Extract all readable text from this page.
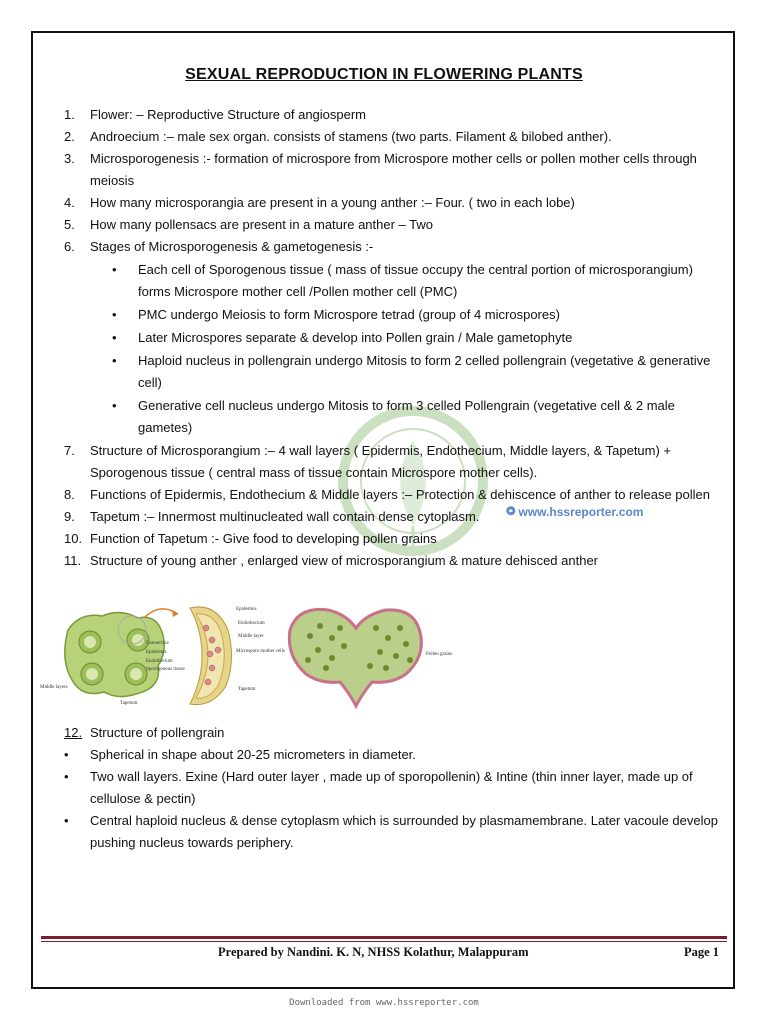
⭗ www.hssreporter.com
SEXUAL REPRODUCTION IN FLOWERING PLANTS
1.	Flower: – Reproductive Structure of angiosperm
2.	Androecium :– male sex organ. consists of stamens (two parts. Filament & bilobed anther).
3.	Microsporogenesis :- formation of microspore from Microspore mother cells or pollen mother cells through meiosis
4.	How many microsporangia are present in a young anther :– Four. ( two in each lobe)
5.	How many pollensacs are present in a mature anther – Two
6.	Stages of Microsporogenesis & gametogenesis :-
•	Each cell of Sporogenous tissue ( mass of tissue occupy the central portion of microsporangium) forms Microspore mother cell /Pollen mother cell (PMC)
•	PMC undergo Meiosis to form Microspore tetrad (group of 4 microspores)
•	Later Microspores separate & develop into Pollen grain / Male gametophyte
•	Haploid nucleus in pollengrain undergo Mitosis to form 2 celled pollengrain (vegetative & generative cell)
•	Generative cell nucleus undergo Mitosis to form 3 celled Pollengrain (vegetative cell & 2 male gametes)
7.	Structure of Microsporangium :– 4 wall layers ( Epidermis, Endothecium, Middle layers, & Tapetum) + Sporogenous tissue ( central mass of tissue contain Microspore mother cells).
8.	Functions of Epidermis, Endothecium & Middle layers :– Protection & dehiscence of anther to release pollen
9.	Tapetum :– Innermost multinucleated wall contain dense cytoplasm.
10. Function of Tapetum :- Give food to developing pollen grains
11. Structure of young anther , enlarged view of microsporangium & mature dehisced anther
Connective
Epidermis
Endothecium
Sporogenous tissue
Middle layers
Tapetum
Epidermis
Endothecium
Middle layer
Microspore mother cells
Tapetum
Pollen grains
12. Structure of pollengrain
•	Spherical in shape about 20-25 micrometers in diameter.
•	Two wall layers. Exine (Hard outer layer , made up of sporopollenin) & Intine (thin inner layer, made up of cellulose & pectin)
•	Central haploid nucleus & dense cytoplasm which is surrounded by plasmamembrane. Later vacoule develop pushing nucleus towards periphery.
Prepared by Nandini. K. N, NHSS Kolathur, Malappuram	Page 1
Downloaded from www.hssreporter.com
